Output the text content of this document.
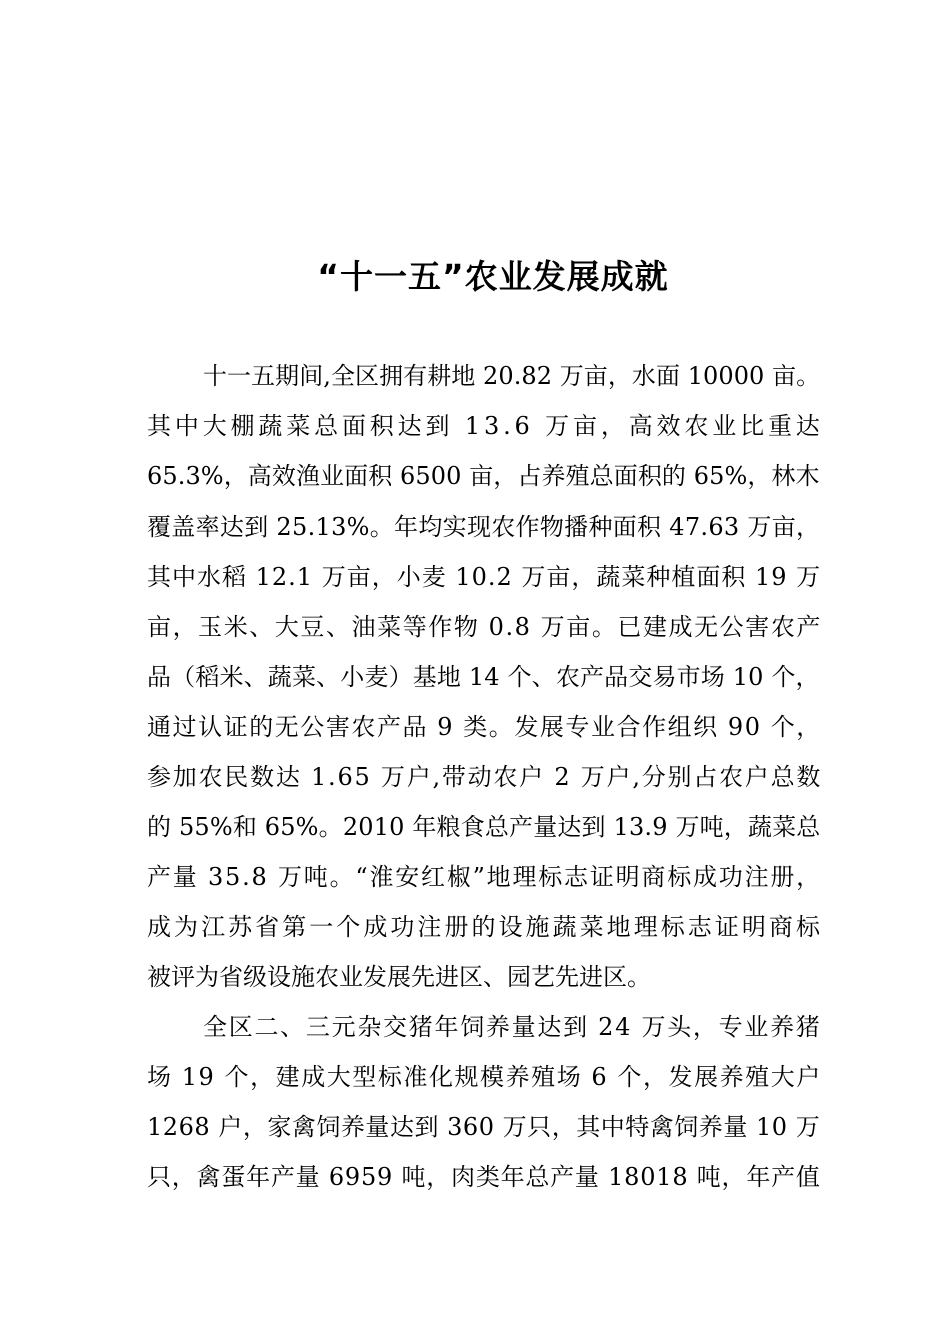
“十一五”农业发展成就

十一五期间,全区拥有耕地 20.82 万亩，水面 10000 亩。

其中大棚蔬菜总面积达到 13.6 万亩，高效农业比重达

65.3%，高效渔业面积 6500 亩，占养殖总面积的 65%，林木

覆盖率达到 25.13%。年均实现农作物播种面积 47.63 万亩，

其中水稻 12.1 万亩，小麦 10.2 万亩，蔬菜种植面积 19 万

亩，玉米、大豆、油菜等作物 0.8 万亩。已建成无公害农产

品（稻米、蔬菜、小麦）基地 14 个、农产品交易市场 10 个，

通过认证的无公害农产品 9 类。发展专业合作组织 90 个，

参加农民数达 1.65 万户,带动农户 2 万户,分别占农户总数

的 55%和 65%。2010 年粮食总产量达到 13.9 万吨，蔬菜总

产量 35.8 万吨。“淮安红椒”地理标志证明商标成功注册，

成为江苏省第一个成功注册的设施蔬菜地理标志证明商标

被评为省级设施农业发展先进区、园艺先进区。

全区二、三元杂交猪年饲养量达到 24 万头，专业养猪

场 19 个，建成大型标准化规模养殖场 6 个，发展养殖大户

1268 户，家禽饲养量达到 360 万只，其中特禽饲养量 10 万

只，禽蛋年产量 6959 吨，肉类年总产量 18018 吨，年产值
